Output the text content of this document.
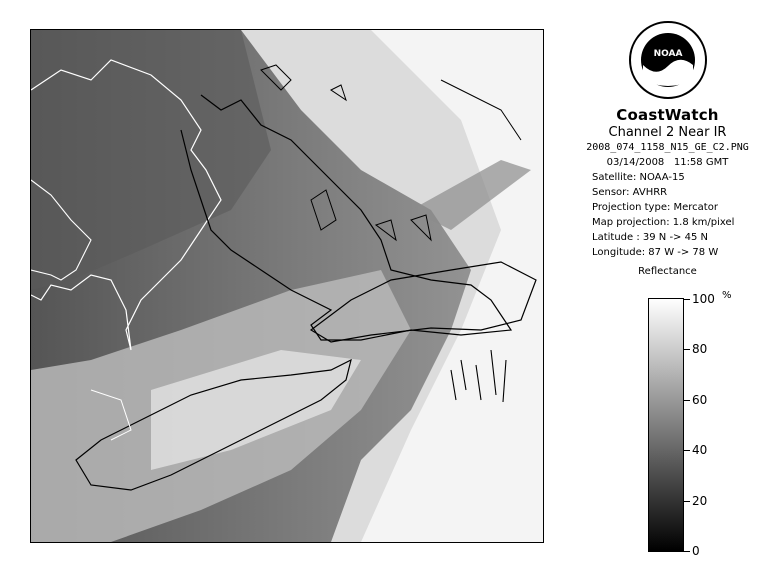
NOAA
CoastWatch
Channel 2 Near IR
2008_074_1158_N15_GE_C2.PNG
03/14/2008 11:58 GMT
Satellite: NOAA-15
Sensor: AVHRR
Projection type: Mercator
Map projection: 1.8 km/pixel
Latitude : 39 N -> 45 N
Longitude: 87 W -> 78 W
Reflectance
%
100
80
60
40
20
0
